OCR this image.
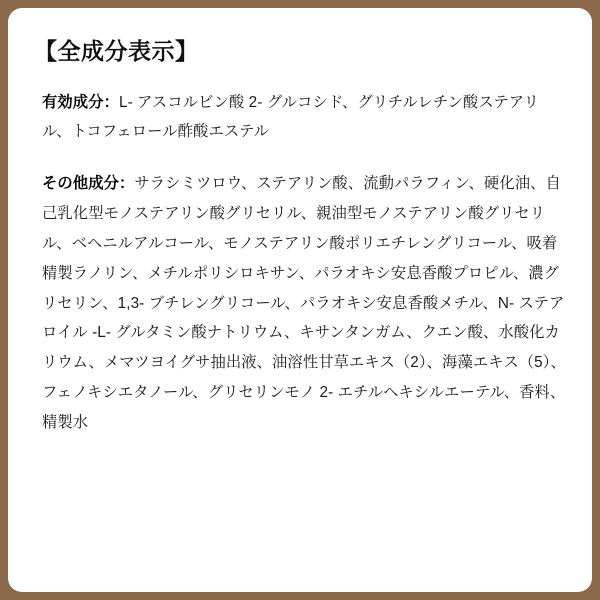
【全成分表示】

有効成分：L- アスコルビン酸 2- グルコシド、グリチルレチン酸ステアリル、トコフェロール酢酸エステル

その他成分：サラシミツロウ、ステアリン酸、流動パラフィン、硬化油、自己乳化型モノステアリン酸グリセリル、親油型モノステアリン酸グリセリル、ベヘニルアルコール、モノステアリン酸ポリエチレングリコール、吸着精製ラノリン、メチルポリシロキサン、パラオキシ安息香酸プロピル、濃グリセリン、1,3- ブチレングリコール、パラオキシ安息香酸メチル、N- ステアロイル -L- グルタミン酸ナトリウム、キサンタンガム、クエン酸、水酸化カリウム、メマツヨイグサ抽出液、油溶性甘草エキス（2）、海藻エキス（5）、フェノキシエタノール、グリセリンモノ 2- エチルヘキシルエーテル、香料、精製水
